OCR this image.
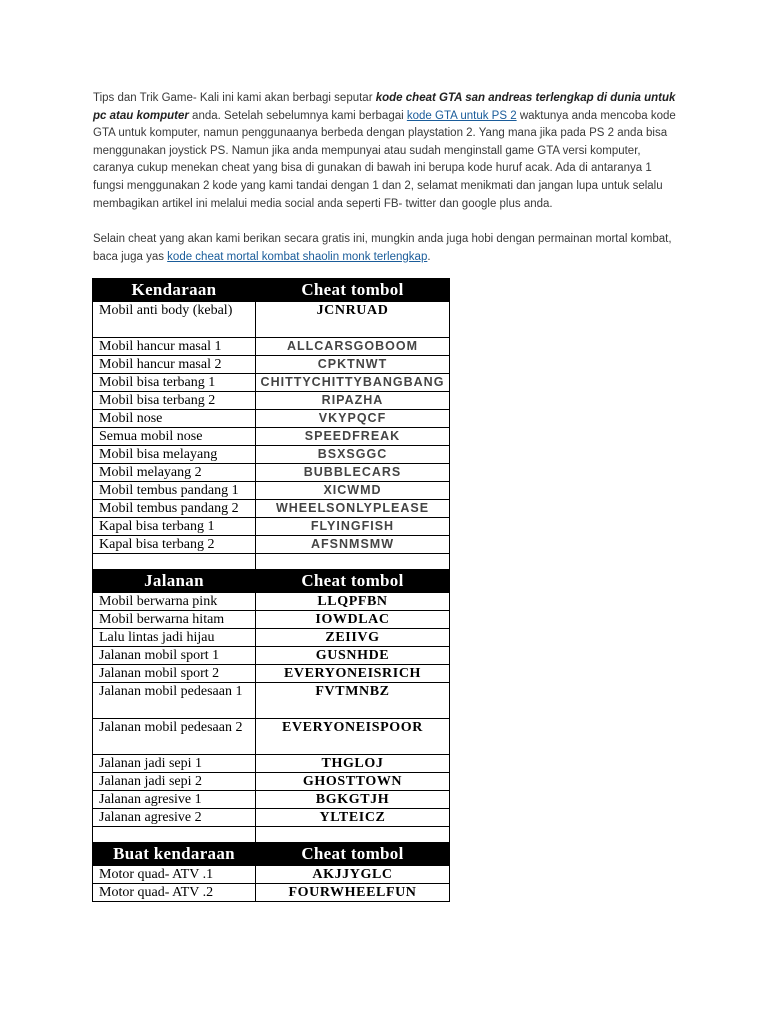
Tips dan Trik Game- Kali ini kami akan berbagi seputar kode cheat GTA san andreas terlengkap di dunia untuk pc atau komputer anda. Setelah sebelumnya kami berbagai kode GTA untuk PS 2 waktunya anda mencoba kode GTA untuk komputer, namun penggunaanya berbeda dengan playstation 2. Yang mana jika pada PS 2 anda bisa menggunakan joystick PS. Namun jika anda mempunyai atau sudah menginstall game GTA versi komputer, caranya cukup menekan cheat yang bisa di gunakan di bawah ini berupa kode huruf acak. Ada di antaranya 1 fungsi menggunakan 2 kode yang kami tandai dengan 1 dan 2, selamat menikmati dan jangan lupa untuk selalu membagikan artikel ini melalui media social anda seperti FB- twitter dan google plus anda.

Selain cheat yang akan kami berikan secara gratis ini, mungkin anda juga hobi dengan permainan mortal kombat, baca juga yas kode cheat mortal kombat shaolin monk terlengkap.

Kendaraan	Cheat tombol
Mobil anti body (kebal)	JCNRUAD
Mobil hancur masal 1	ALLCARSGOBOOM
Mobil hancur masal 2	CPKTNWT
Mobil bisa terbang 1	CHITTYCHITTYBANGBANG
Mobil bisa terbang 2	RIPAZHA
Mobil nose	VKYPQCF
Semua mobil nose	SPEEDFREAK
Mobil bisa melayang	BSXSGGC
Mobil melayang 2	BUBBLECARS
Mobil tembus pandang 1	XICWMD
Mobil tembus pandang 2	WHEELSONLYPLEASE
Kapal bisa terbang 1	FLYINGFISH
Kapal bisa terbang 2	AFSNMSMW

Jalanan	Cheat tombol
Mobil berwarna pink	LLQPFBN
Mobil berwarna hitam	IOWDLAC
Lalu lintas jadi hijau	ZEIIVG
Jalanan mobil sport 1	GUSNHDE
Jalanan mobil sport 2	EVERYONEISRICH
Jalanan mobil pedesaan 1	FVTMNBZ
Jalanan mobil pedesaan 2	EVERYONEISPOOR
Jalanan jadi sepi 1	THGLOJ
Jalanan jadi sepi 2	GHOSTTOWN
Jalanan agresive 1	BGKGTJH
Jalanan agresive 2	YLTEICZ

Buat kendaraan	Cheat tombol
Motor quad- ATV .1	AKJJYGLC
Motor quad- ATV .2	FOURWHEELFUN
